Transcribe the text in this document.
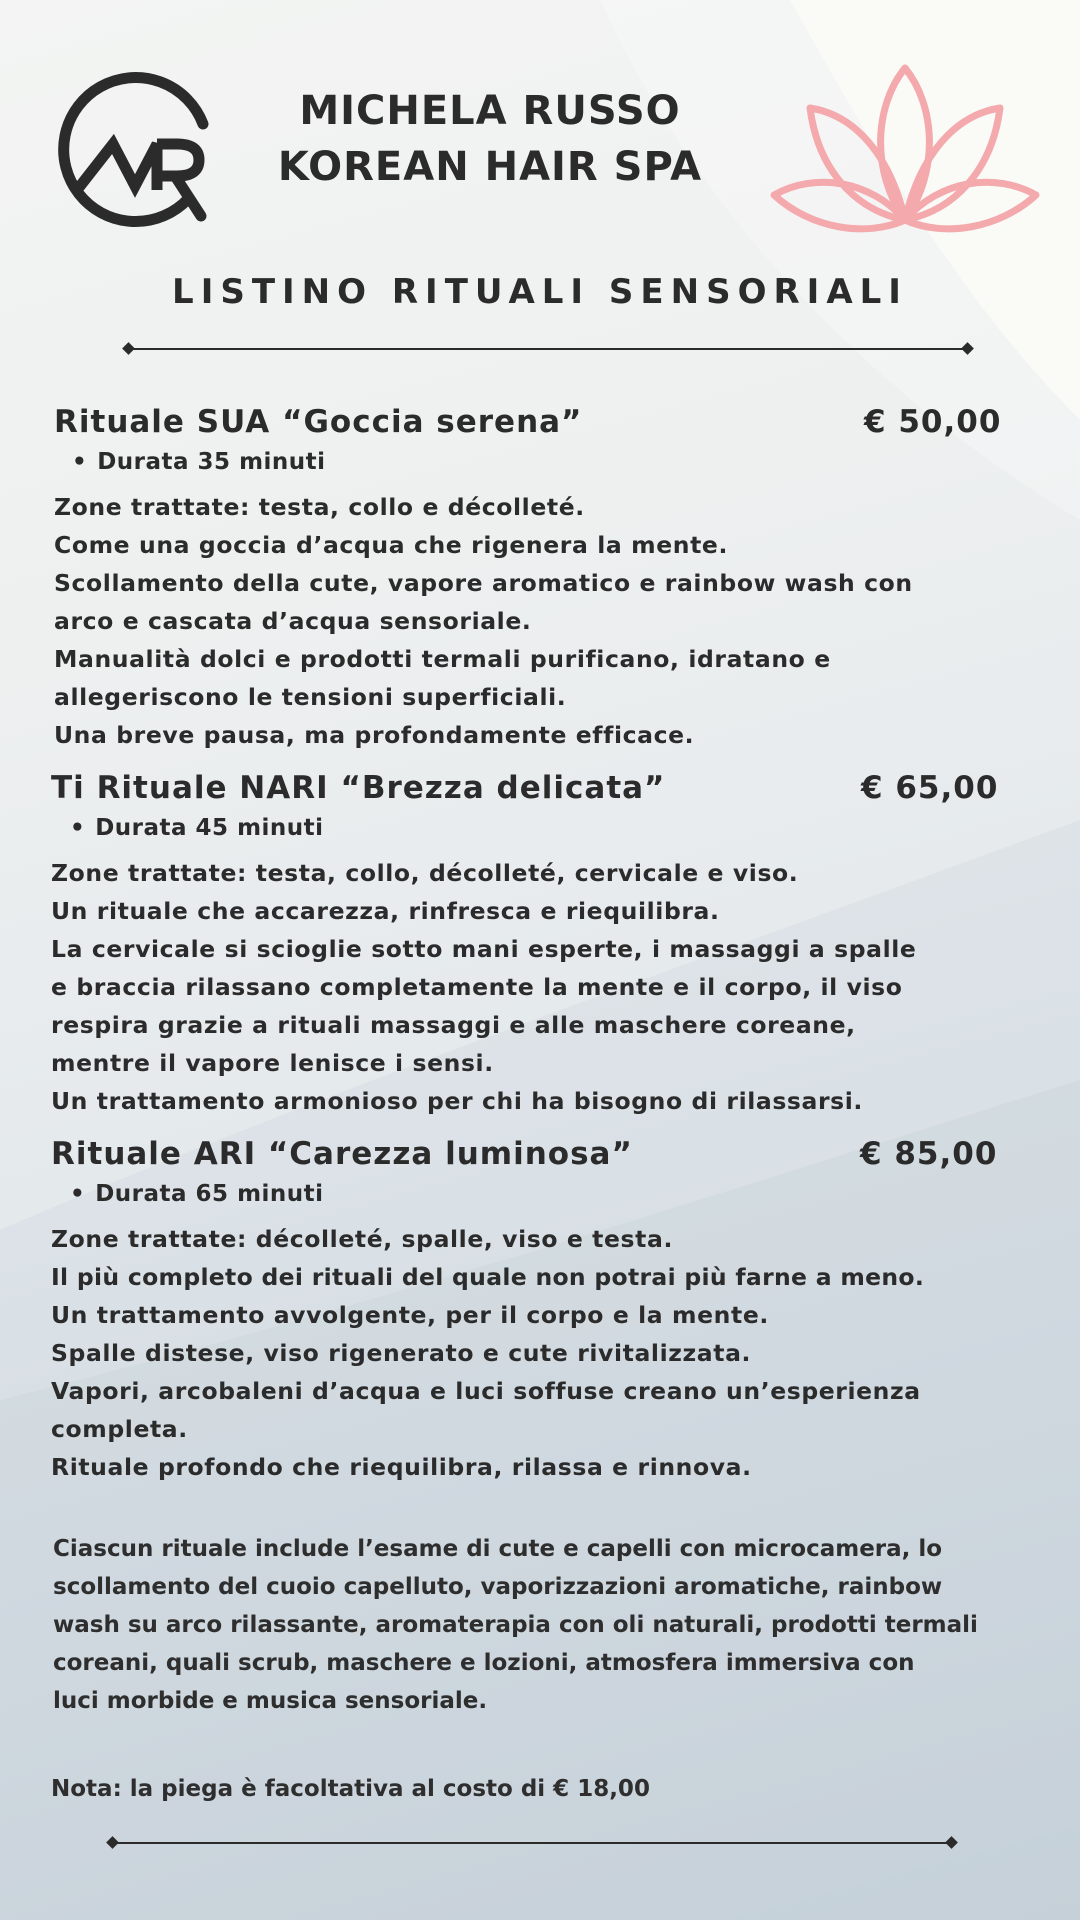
MICHELA RUSSO
KOREAN HAIR SPA
LISTINO RITUALI SENSORIALI
Rituale SUA “Goccia serena”	€ 50,00
• Durata 35 minuti
Zone trattate: testa, collo e décolleté.
Come una goccia d’acqua che rigenera la mente.
Scollamento della cute, vapore aromatico e rainbow wash con
arco e cascata d’acqua sensoriale.
Manualità dolci e prodotti termali purificano, idratano e
allegeriscono le tensioni superficiali.
Una breve pausa, ma profondamente efficace.
Ti Rituale NARI “Brezza delicata”	€ 65,00
• Durata 45 minuti
Zone trattate: testa, collo, décolleté, cervicale e viso.
Un rituale che accarezza, rinfresca e riequilibra.
La cervicale si scioglie sotto mani esperte, i massaggi a spalle
e braccia rilassano completamente la mente e il corpo, il viso
respira grazie a rituali massaggi e alle maschere coreane,
mentre il vapore lenisce i sensi.
Un trattamento armonioso per chi ha bisogno di rilassarsi.
Rituale ARI “Carezza luminosa”	€ 85,00
• Durata 65 minuti
Zone trattate: décolleté, spalle, viso e testa.
Il più completo dei rituali del quale non potrai più farne a meno.
Un trattamento avvolgente, per il corpo e la mente.
Spalle distese, viso rigenerato e cute rivitalizzata.
Vapori, arcobaleni d’acqua e luci soffuse creano un’esperienza
completa.
Rituale profondo che riequilibra, rilassa e rinnova.
Ciascun rituale include l’esame di cute e capelli con microcamera, lo
scollamento del cuoio capelluto, vaporizzazioni aromatiche, rainbow
wash su arco rilassante, aromaterapia con oli naturali, prodotti termali
coreani, quali scrub, maschere e lozioni, atmosfera immersiva con
luci morbide e musica sensoriale.
Nota: la piega è facoltativa al costo di € 18,00
